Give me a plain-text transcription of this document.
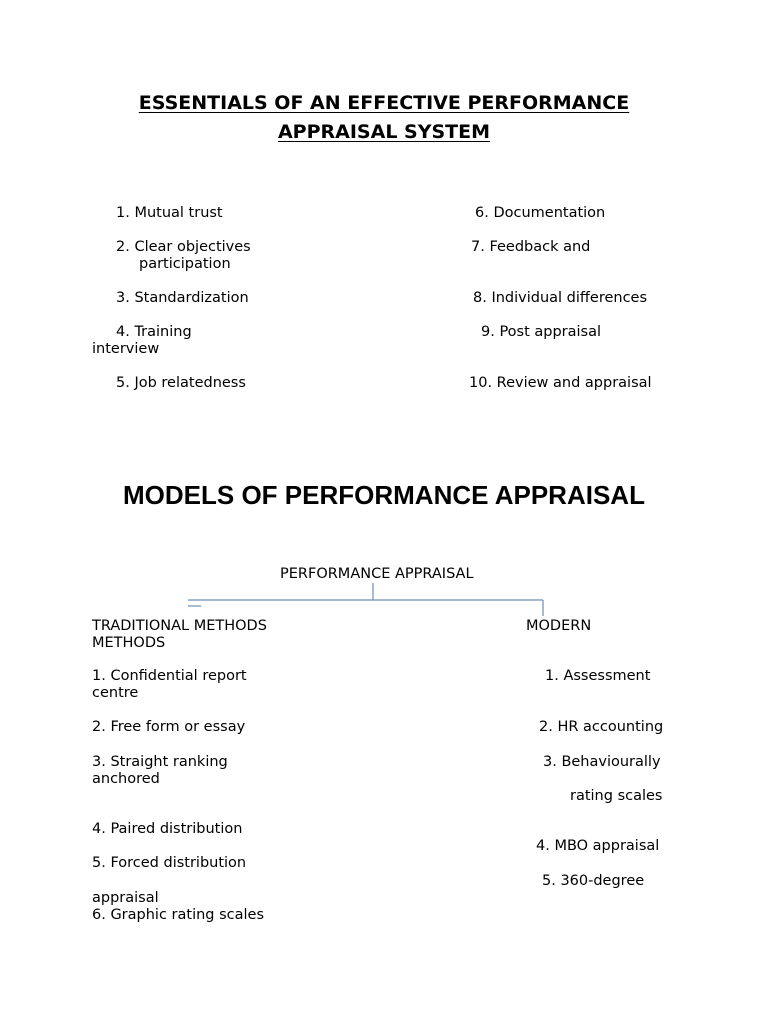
ESSENTIALS OF AN EFFECTIVE PERFORMANCE
APPRAISAL SYSTEM
1. Mutual trust
2. Clear objectives
participation
3. Standardization
4. Training
interview
5. Job relatedness
6. Documentation
7. Feedback and
8. Individual differences
9. Post appraisal
10. Review and appraisal
MODELS OF PERFORMANCE APPRAISAL
PERFORMANCE APPRAISAL
TRADITIONAL METHODS
METHODS
MODERN
1. Confidential report
centre
2. Free form or essay
3. Straight ranking
anchored
4. Paired distribution
5. Forced distribution
appraisal
6. Graphic rating scales
1. Assessment
2. HR accounting
3. Behaviourally
rating scales
4. MBO appraisal
5. 360-degree
